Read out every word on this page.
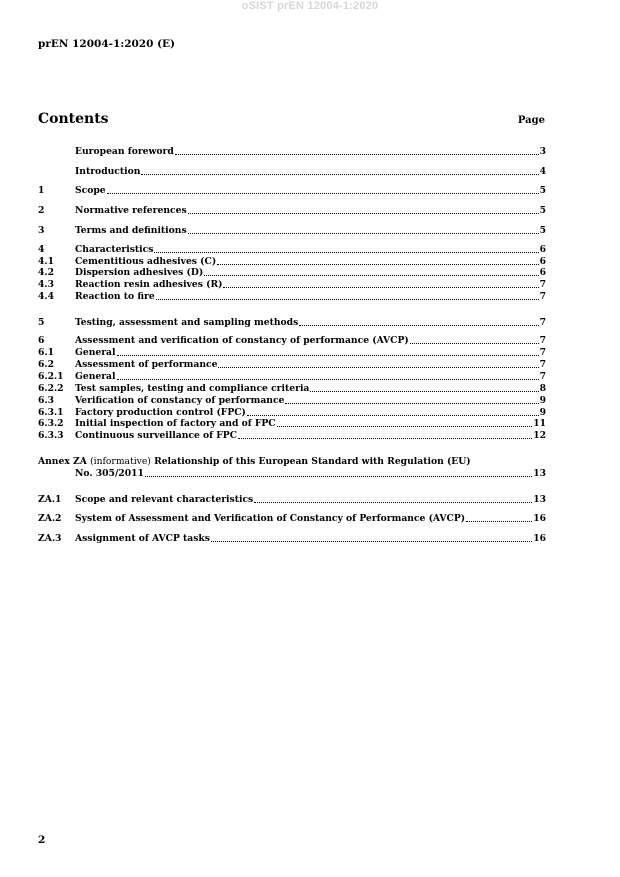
oSIST prEN 12004-1:2020
prEN 12004-1:2020 (E)
Contents	Page
European foreword	3
Introduction	4
1	Scope	5
2	Normative references	5
3	Terms and definitions	5
4	Characteristics	6
4.1	Cementitious adhesives (C)	6
4.2	Dispersion adhesives (D)	6
4.3	Reaction resin adhesives (R)	7
4.4	Reaction to fire	7
5	Testing, assessment and sampling methods	7
6	Assessment and verification of constancy of performance (AVCP)	7
6.1	General	7
6.2	Assessment of performance	7
6.2.1	General	7
6.2.2	Test samples, testing and compliance criteria	8
6.3	Verification of constancy of performance	9
6.3.1	Factory production control (FPC)	9
6.3.2	Initial inspection of factory and of FPC	11
6.3.3	Continuous surveillance of FPC	12
Annex ZA (informative) Relationship of this European Standard with Regulation (EU)
No. 305/2011	13
ZA.1	Scope and relevant characteristics	13
ZA.2	System of Assessment and Verification of Constancy of Performance (AVCP)	16
ZA.3	Assignment of AVCP tasks	16
2
